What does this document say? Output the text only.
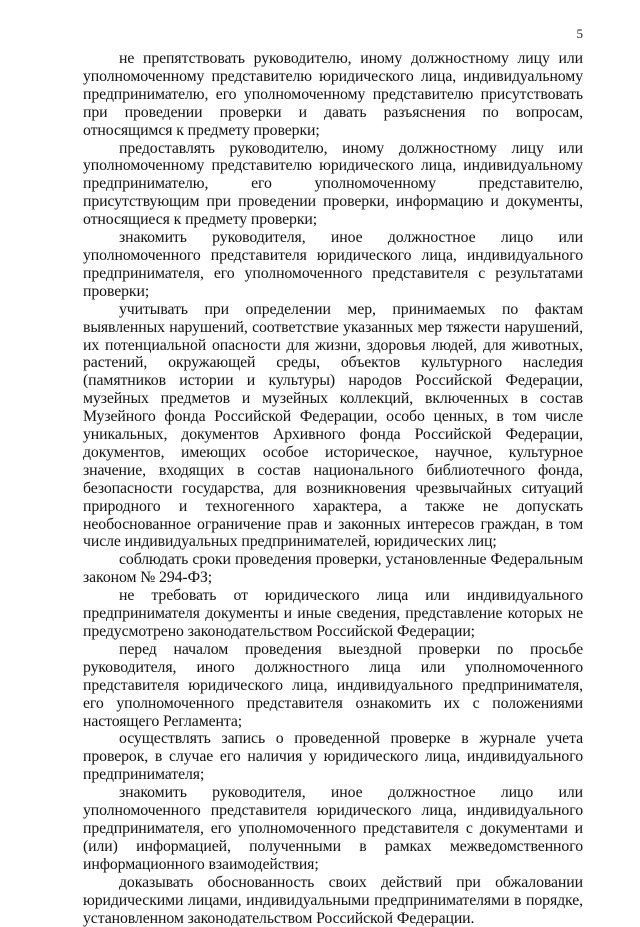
5

не препятствовать руководителю, иному должностному лицу или уполномоченному представителю юридического лица, индивидуальному предпринимателю, его уполномоченному представителю присутствовать при проведении проверки и давать разъяснения по вопросам, относящимся к предмету проверки;

предоставлять руководителю, иному должностному лицу или уполномоченному представителю юридического лица, индивидуальному предпринимателю, его уполномоченному представителю, присутствующим при проведении проверки, информацию и документы, относящиеся к предмету проверки;

знакомить руководителя, иное должностное лицо или уполномоченного представителя юридического лица, индивидуального предпринимателя, его уполномоченного представителя с результатами проверки;

учитывать при определении мер, принимаемых по фактам выявленных нарушений, соответствие указанных мер тяжести нарушений, их потенциальной опасности для жизни, здоровья людей, для животных, растений, окружающей среды, объектов культурного наследия (памятников истории и культуры) народов Российской Федерации, музейных предметов и музейных коллекций, включенных в состав Музейного фонда Российской Федерации, особо ценных, в том числе уникальных, документов Архивного фонда Российской Федерации, документов, имеющих особое историческое, научное, культурное значение, входящих в состав национального библиотечного фонда, безопасности государства, для возникновения чрезвычайных ситуаций природного и техногенного характера, а также не допускать необоснованное ограничение прав и законных интересов граждан, в том числе индивидуальных предпринимателей, юридических лиц;

соблюдать сроки проведения проверки, установленные Федеральным законом № 294-ФЗ;

не требовать от юридического лица или индивидуального предпринимателя документы и иные сведения, представление которых не предусмотрено законодательством Российской Федерации;

перед началом проведения выездной проверки по просьбе руководителя, иного должностного лица или уполномоченного представителя юридического лица, индивидуального предпринимателя, его уполномоченного представителя ознакомить их с положениями настоящего Регламента;

осуществлять запись о проведенной проверке в журнале учета проверок, в случае его наличия у юридического лица, индивидуального предпринимателя;

знакомить руководителя, иное должностное лицо или уполномоченного представителя юридического лица, индивидуального предпринимателя, его уполномоченного представителя с документами и (или) информацией, полученными в рамках межведомственного информационного взаимодействия;

доказывать обоснованность своих действий при обжаловании юридическими лицами, индивидуальными предпринимателями в порядке, установленном законодательством Российской Федерации.
